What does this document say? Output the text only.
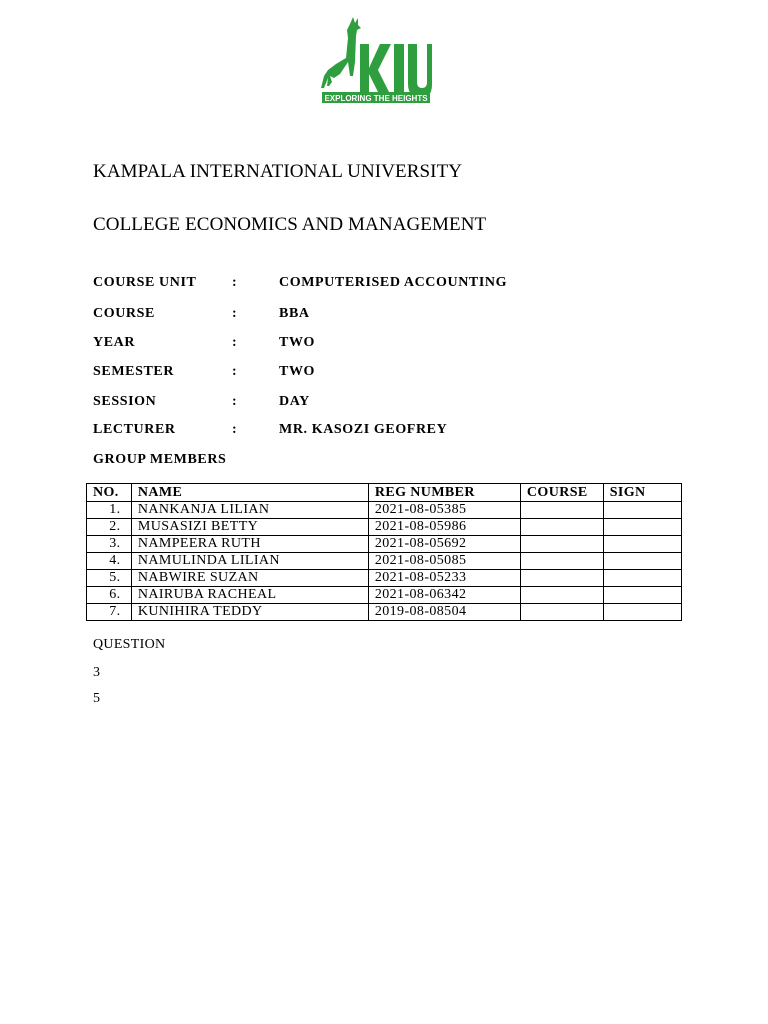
EXPLORING THE HEIGHTS
KAMPALA INTERNATIONAL UNIVERSITY
COLLEGE ECONOMICS AND MANAGEMENT
COURSE UNIT	:	COMPUTERISED ACCOUNTING
COURSE	:	BBA
YEAR	:	TWO
SEMESTER	:	TWO
SESSION	:	DAY
LECTURER	:	MR. KASOZI GEOFREY
GROUP MEMBERS
NO.	NAME	REG NUMBER	COURSE	SIGN
1.	NANKANJA LILIAN	2021-08-05385		
2.	MUSASIZI BETTY	2021-08-05986		
3.	NAMPEERA RUTH	2021-08-05692		
4.	NAMULINDA LILIAN	2021-08-05085		
5.	NABWIRE SUZAN	2021-08-05233		
6.	NAIRUBA RACHEAL	2021-08-06342		
7.	KUNIHIRA TEDDY	2019-08-08504		
QUESTION
3
5
